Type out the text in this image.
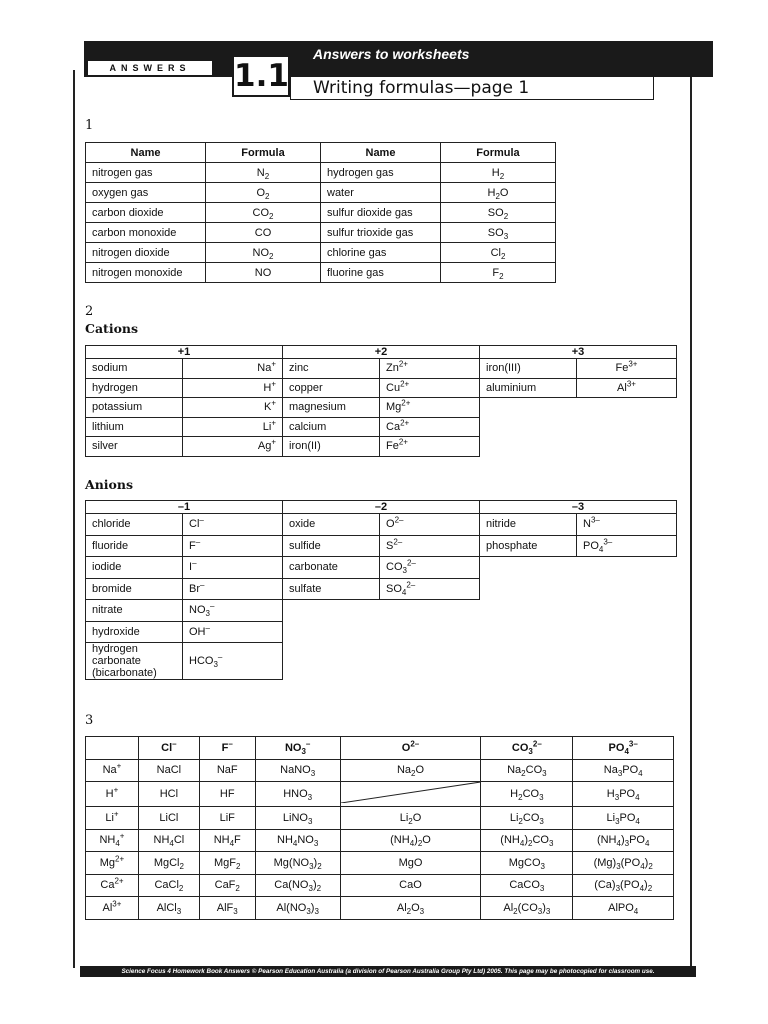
ANSWERS	1.1
Answers to worksheets
Writing formulas—page 1
1
Name	Formula	Name	Formula
nitrogen gas	$N_2$	hydrogen gas	$H_2$
oxygen gas	$O_2$	water	$H_2O$
carbon dioxide	$CO_2$	sulfur dioxide gas	$SO_2$
carbon monoxide	CO	sulfur trioxide gas	$SO_3$
nitrogen dioxide	$NO_2$	chlorine gas	$Cl_2$
nitrogen monoxide	NO	fluorine gas	$F_2$
2
Cations
+1		+2		+3	
sodium	Na+	zinc	$Zn^{2+}$	iron(III)	$Fe^{3+}$
hydrogen	H+	copper	$Cu^{2+}$	aluminium	$Al^{3+}$
potassium	K+	magnesium	$Mg^{2+}$		
lithium	Li+	calcium	$Ca^{2+}$		
silver	Ag+	iron(II)	$Fe^{2+}$		
Anions
–1		–2		–3	
chloride	Cl–	oxide	$O^{2-}$	nitride	$N^{3-}$
fluoride	F–	sulfide	$S^{2-}$	phosphate	$PO_4^{3-}$
iodide	I–	carbonate	$CO_3^{2-}$		
bromide	Br–	sulfate	$SO_4^{2-}$		
nitrate	$NO_3^-$				
hydroxide	OH–				
hydrogen carbonate (bicarbonate)	$HCO_3^-$				
3
	Cl–	F–	$NO_3^-$	$O^{2-}$	$CO_3^{2-}$	$PO_4^{3-}$
Na+	NaCl	NaF	NaNO$_3$	$Na_2O$	$Na_2CO_3$	$Na_3PO_4$
H+	HCl	HF	$HNO_3$		$H_2CO_3$	$H_3PO_4$
Li+	LiCl	LiF	LiNO$_3$	$Li_2O$	$Li_2CO_3$	$Li_3PO_4$
$NH_4^+$	$NH_4Cl$	$NH_4F$	$NH_4NO_3$	$(NH_4)_2O$	$(NH_4)_2CO_3$	$(NH_4)_3PO_4$
$Mg^{2+}$	MgCl$_2$	MgF$_2$	$Mg(NO_3)_2$	MgO	MgCO$_3$	$(Mg)_3(PO_4)_2$
$Ca^{2+}$	CaCl$_2$	CaF$_2$	$Ca(NO_3)_2$	CaO	CaCO$_3$	$(Ca)_3(PO_4)_2$
$Al^{3+}$	AlCl$_3$	AlF$_3$	$Al(NO_3)_3$	$Al_2O_3$	$Al_2(CO_3)_3$	AlPO$_4$
Science Focus 4 Homework Book Answers © Pearson Education Australia (a division of Pearson Australia Group Pty Ltd) 2005. This page may be photocopied for classroom use.
